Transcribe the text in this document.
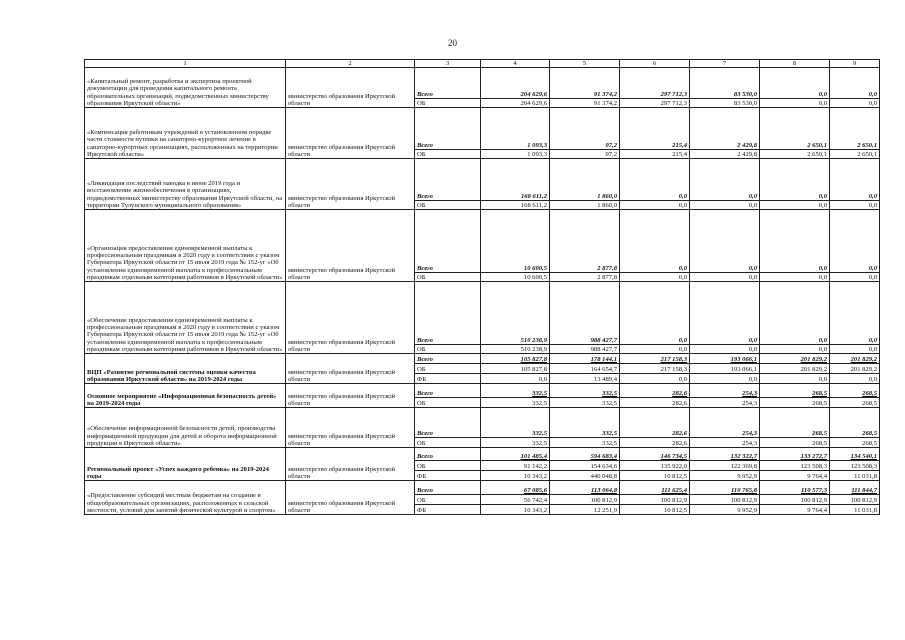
20
1	2	3	4	5	6	7	8	9
«Капитальный ремонт, разработка и экспертиза проектной документации для проведения капитального ремонта образовательных организаций, подведомственных министерству образования Иркутской области»	министерство образования Иркутской области	Всего	204 629,6	91 374,2	297 712,3	83 530,0	0,0	0,0
		ОБ	204 629,6	91 374,2	297 712,3	83 530,0	0,0	0,0
«Компенсация работникам учреждений в установленном порядке части стоимости путевки на санаторно-курортное лечение в санаторно-курортных организациях, расположенных на территории Иркутской области»	министерство образования Иркутской области	Всего	1 093,3	97,2	215,4	2 429,8	2 650,1	2 650,1
		ОБ	1 093,3	97,2	215,4	2 429,8	2 650,1	2 650,1
«Ликвидация последствий паводка в июне 2019 года и восстановление жизнеобеспечения в организациях, подведомственных министерству образования Иркутской области, на территории Тулунского муниципального образования»	министерство образования Иркутской области	Всего	168 611,2	1 860,0	0,0	0,0	0,0	0,0
		ОБ	168 611,2	1 860,0	0,0	0,0	0,0	0,0
«Организация предоставления единовременной выплаты к профессиональным праздникам в 2020 году в соответствии с указом Губернатора Иркутской области от 15 июля 2019 года № 152-уг «Об установлении единовременной выплаты к профессиональным праздникам отдельным категориям работников в Иркутской области»	министерство образования Иркутской области	Всего	10 600,5	2 877,8	0,0	0,0	0,0	0,0
		ОБ	10 600,5	2 877,8	0,0	0,0	0,0	0,0
«Обеспечение предоставления единовременной выплаты к профессиональным праздникам в 2020 году в соответствии с указом Губернатора Иркутской области от 15 июля 2019 года № 152-уг «Об установлении единовременной выплаты к профессиональным праздникам отдельным категориям работников в Иркутской области»	министерство образования Иркутской области	Всего	510 238,9	988 427,7	0,0	0,0	0,0	0,0
		ОБ	510 238,9	988 427,7	0,0	0,0	0,0	0,0
ВЦП «Развитие региональной системы оценки качества образования Иркутской области» на 2019-2024 годы	министерство образования Иркутской области	Всего	105 827,8	178 144,1	217 158,3	193 066,1	201 829,2	201 829,2
		ОБ	105 827,8	164 654,7	217 158,3	193 066,1	201 829,2	201 829,2
		ФБ	0,0	13 489,4	0,0	0,0	0,0	0,0
Основное мероприятие «Информационная безопасность детей» на 2019-2024 годы	министерство образования Иркутской области	Всего	332,5	332,5	282,6	254,3	268,5	268,5
		ОБ	332,5	332,5	282,6	254,3	268,5	268,5
«Обеспечение информационной безопасности детей, производства информационной продукции для детей и оборота информационной продукции в Иркутской области»	министерство образования Иркутской области	Всего	332,5	332,5	282,6	254,3	268,5	268,5
		ОБ	332,5	332,5	282,6	254,3	268,5	268,5
Региональный проект «Успех каждого ребенка» на 2019-2024 годы	министерство образования Иркутской области	Всего	101 485,4	594 683,4	146 734,5	132 322,7	133 272,7	134 540,1
		ОБ	91 142,2	154 634,6	135 922,0	122 369,8	123 508,3	123 508,3
		ФБ	10 343,2	440 048,8	10 812,5	9 952,9	9 764,4	11 031,8
«Предоставление субсидий местным бюджетам на создание в общеобразовательных организациях, расположенных в сельской местности, условий для занятий физической культурой и спортом»	министерство образования Иркутской области	Всего	67 085,6	113 064,8	111 625,4	110 765,8	110 577,3	111 844,7
		ОБ	56 742,4	100 812,9	100 812,9	100 812,9	100 812,9	100 812,9
		ФБ	10 343,2	12 251,9	10 812,5	9 952,9	9 764,4	11 031,8
